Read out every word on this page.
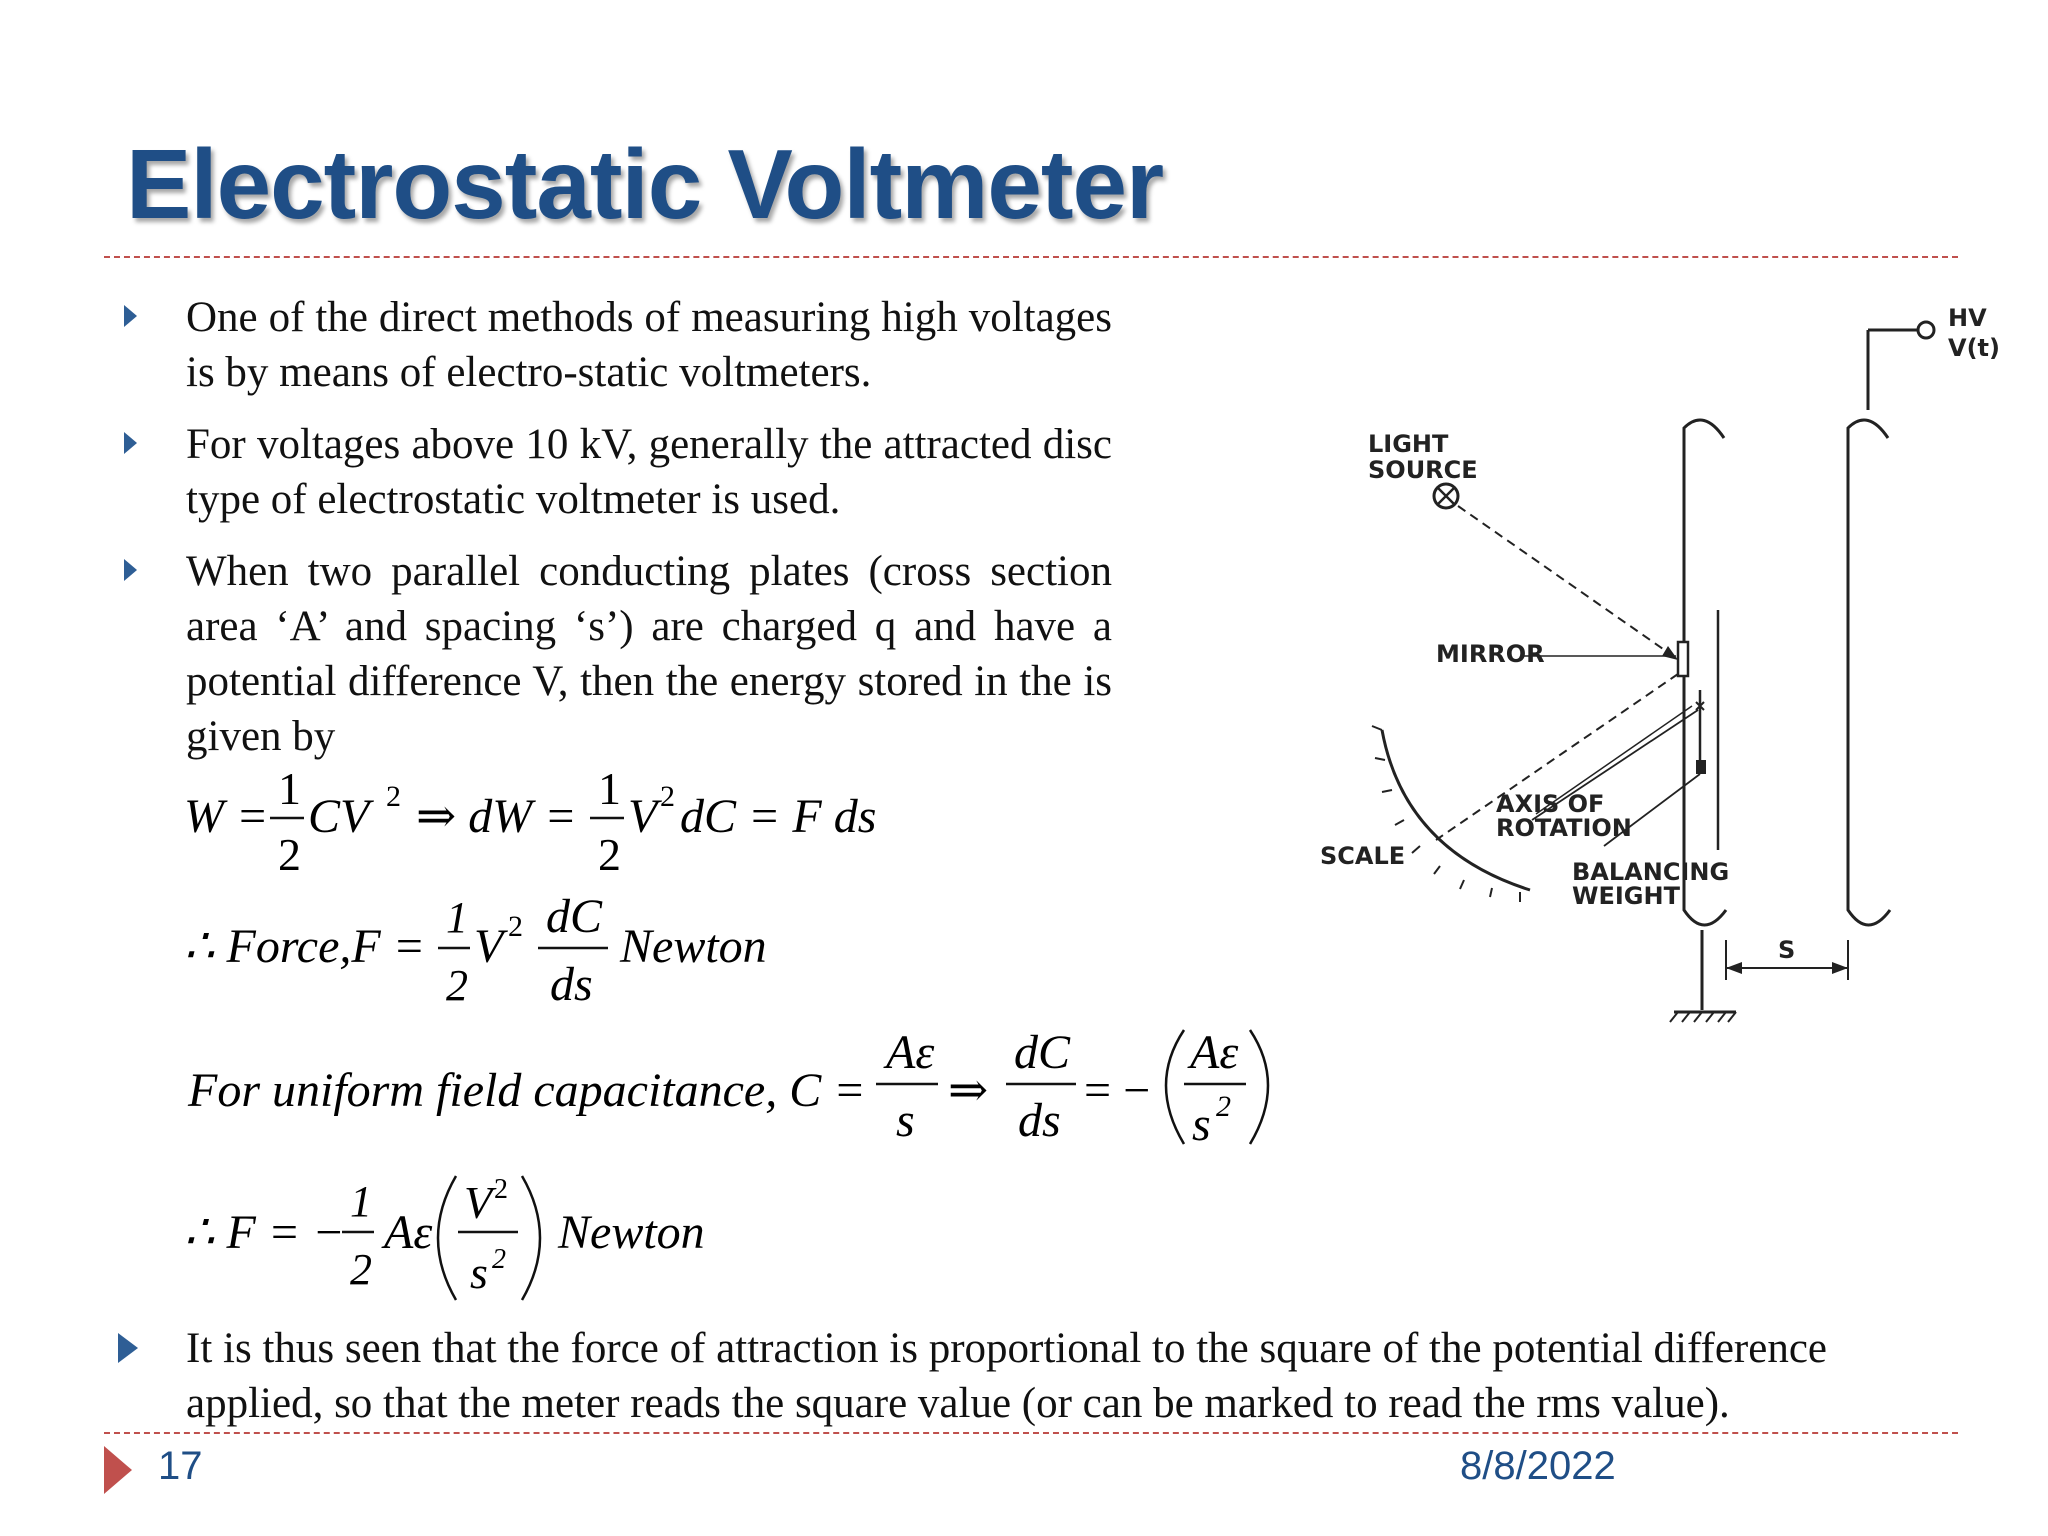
Electrostatic Voltmeter
One of the direct methods of measuring high voltages is by means of electro-static voltmeters.
For voltages above 10 kV, generally the attracted disc type of electrostatic voltmeter is used.
When two parallel conducting plates (cross section area ‘A’ and spacing ‘s’) are charged q and have a potential difference V, then the energy stored in the is given by
W =
1
2
CV 2 ⇒ dW =
1
2
V 2 dC = F ds
∴ Force,F =
1
2
V 2 dC
ds
Newton
For uniform field capacitance, C =
Aε
s
⇒
dC
ds
= −
Aε
s 2
∴ F = −
1
2
Aε
V 2
s 2
Newton
It is thus seen that the force of attraction is proportional to the square of the potential difference applied, so that the meter reads the square value (or can be marked to read the rms value).
HV
V(t)
S
LIGHT
SOURCE
MIRROR
AXIS OF
ROTATION
BALANCING
WEIGHT
SCALE
17	8/8/2022
